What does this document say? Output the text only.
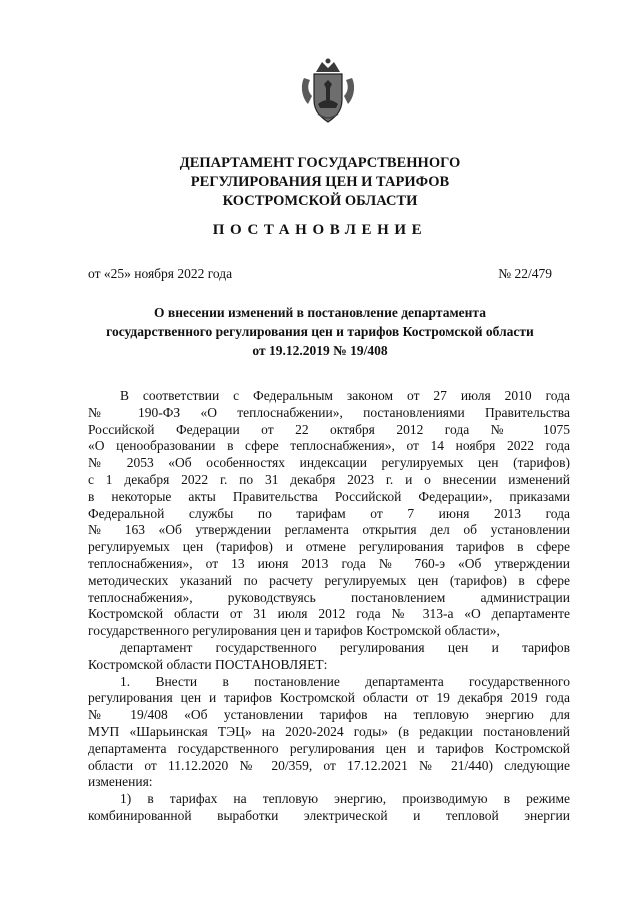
ДЕПАРТАМЕНТ ГОСУДАРСТВЕННОГО
РЕГУЛИРОВАНИЯ ЦЕН И ТАРИФОВ
КОСТРОМСКОЙ ОБЛАСТИ
ПОСТАНОВЛЕНИЕ
от «25» ноября 2022 года	№ 22/479
О внесении изменений в постановление департамента
государственного регулирования цен и тарифов Костромской области
от 19.12.2019 № 19/408
В соответствии с Федеральным законом от 27 июля 2010 года
№ 190-ФЗ «О теплоснабжении», постановлениями Правительства
Российской Федерации от 22 октября 2012 года № 1075
«О ценообразовании в сфере теплоснабжения», от 14 ноября 2022 года
№ 2053 «Об особенностях индексации регулируемых цен (тарифов)
с 1 декабря 2022 г. по 31 декабря 2023 г. и о внесении изменений
в некоторые акты Правительства Российской Федерации», приказами
Федеральной службы по тарифам от 7 июня 2013 года
№ 163 «Об утверждении регламента открытия дел об установлении
регулируемых цен (тарифов) и отмене регулирования тарифов в сфере
теплоснабжения», от 13 июня 2013 года № 760-э «Об утверждении
методических указаний по расчету регулируемых цен (тарифов) в сфере
теплоснабжения», руководствуясь постановлением администрации
Костромской области от 31 июля 2012 года № 313-а «О департаменте
государственного регулирования цен и тарифов Костромской области»,
департамент государственного регулирования цен и тарифов
Костромской области ПОСТАНОВЛЯЕТ:
1. Внести в постановление департамента государственного
регулирования цен и тарифов Костромской области от 19 декабря 2019 года
№ 19/408 «Об установлении тарифов на тепловую энергию для
МУП «Шарьинская ТЭЦ» на 2020-2024 годы» (в редакции постановлений
департамента государственного регулирования цен и тарифов Костромской
области от 11.12.2020 № 20/359, от 17.12.2021 № 21/440) следующие
изменения:
1) в тарифах на тепловую энергию, производимую в режиме
комбинированной выработки электрической и тепловой энергии
